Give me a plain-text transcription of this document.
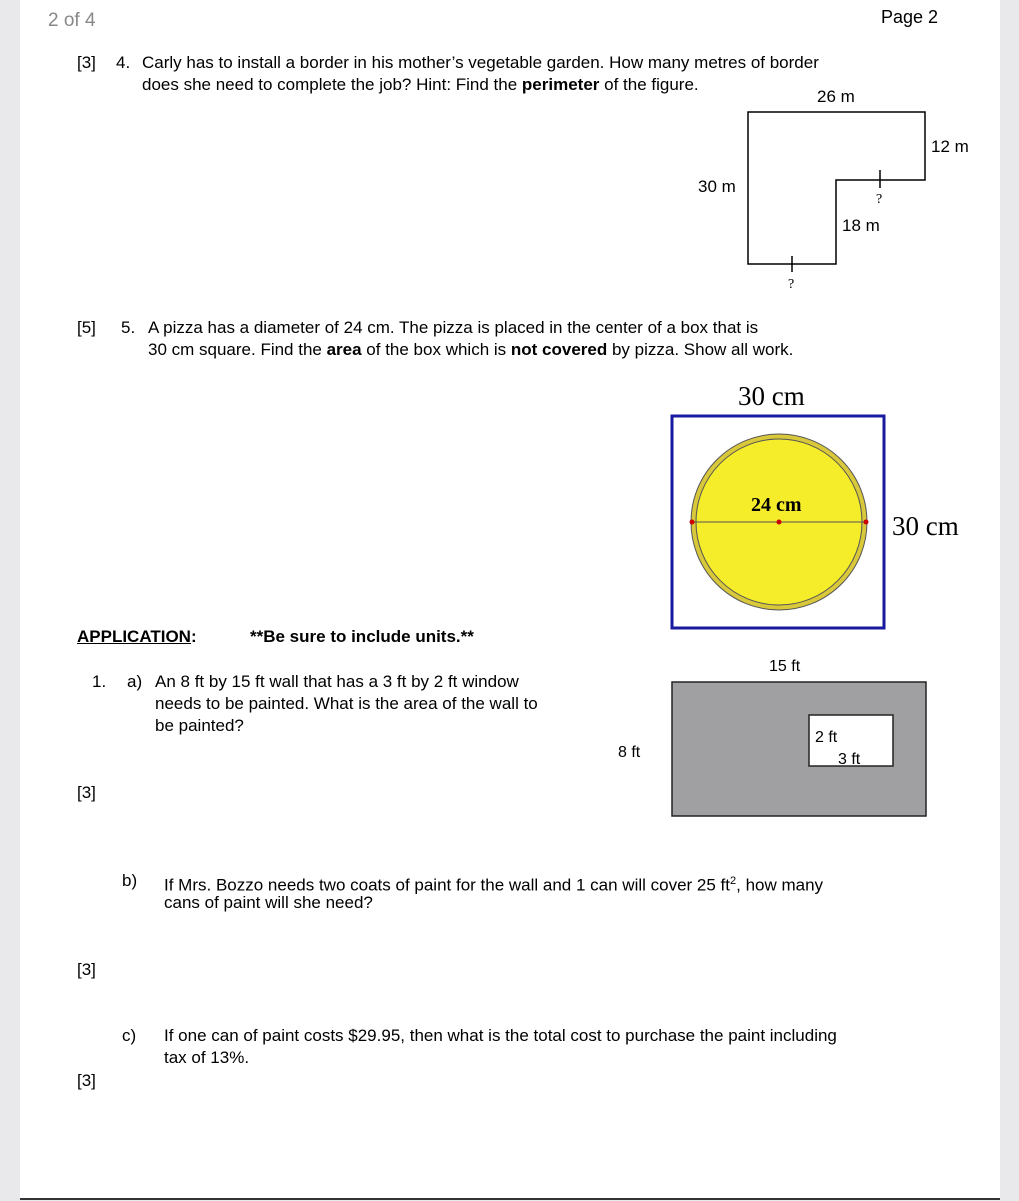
2 of 4	Page 2
[3] 4. Carly has to install a border in his mother’s vegetable garden. How many metres of border
does she need to complete the job? Hint: Find the perimeter of the figure.
26 m
12 m
30 m
18 m
?
?
[5] 5. A pizza has a diameter of 24 cm. The pizza is placed in the center of a box that is
30 cm square. Find the area of the box which is not covered by pizza. Show all work.
30 cm
30 cm
24 cm
APPLICATION:	**Be sure to include units.**
1. a) An 8 ft by 15 ft wall that has a 3 ft by 2 ft window
needs to be painted. What is the area of the wall to
be painted?
[3]
15 ft
8 ft
2 ft
3 ft
b) If Mrs. Bozzo needs two coats of paint for the wall and 1 can will cover 25 $ft^2$, how many
cans of paint will she need?
[3]
c) If one can of paint costs $29.95, then what is the total cost to purchase the paint including
tax of 13%.
[3]
